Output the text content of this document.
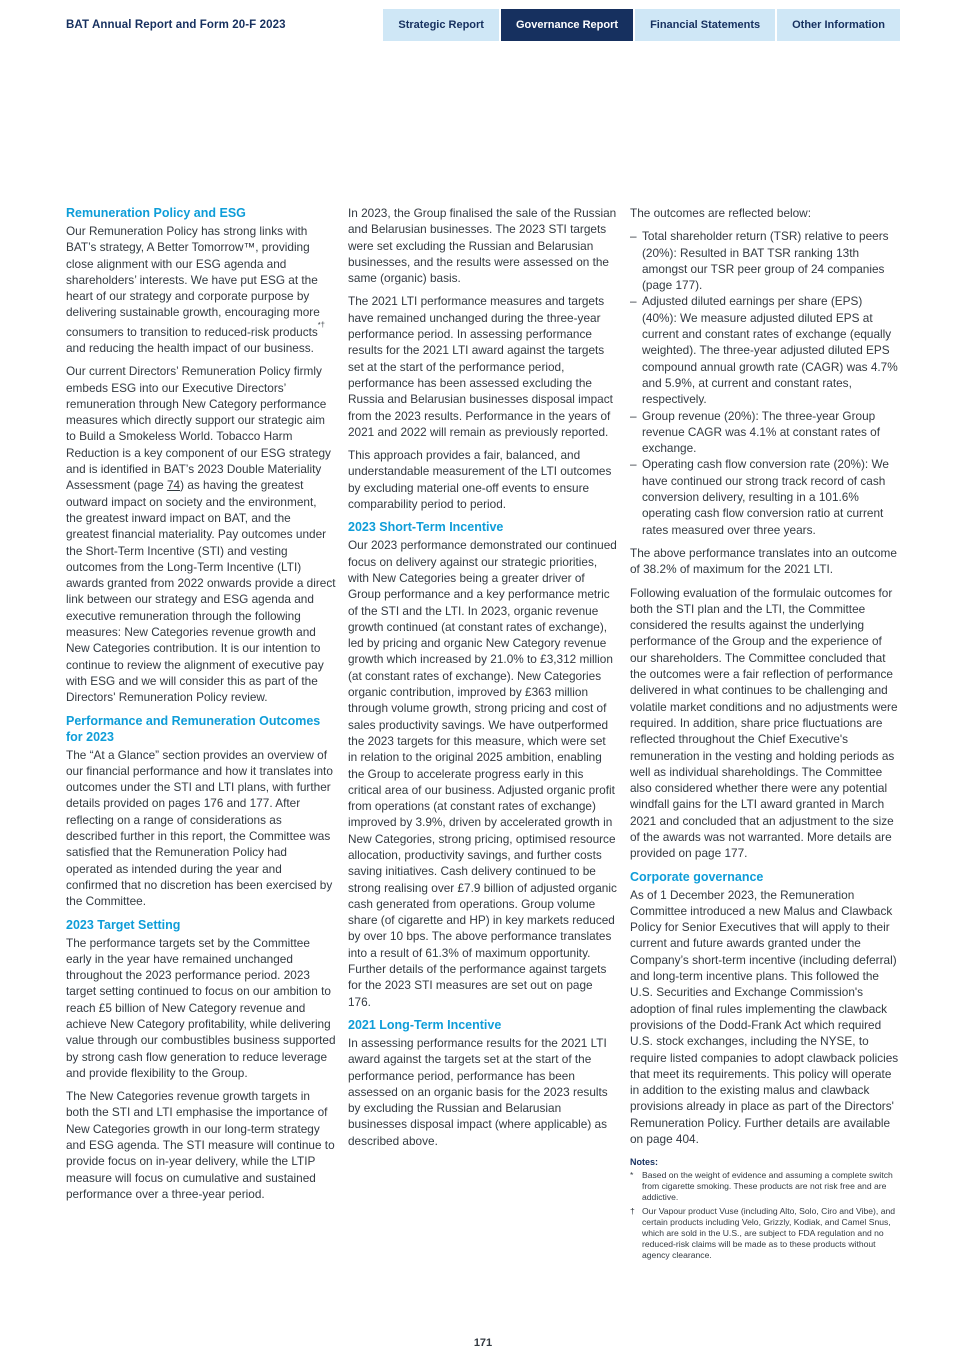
BAT Annual Report and Form 20-F 2023	Strategic Report	Governance Report	Financial Statements	Other Information
Remuneration Policy and ESG

Our Remuneration Policy has strong links with BAT’s strategy, A Better Tomorrow™, providing close alignment with our ESG agenda and shareholders’ interests. We have put ESG at the heart of our strategy and corporate purpose by delivering sustainable growth, encouraging more consumers to transition to reduced-risk products*† and reducing the health impact of our business.

Our current Directors’ Remuneration Policy firmly embeds ESG into our Executive Directors’ remuneration through New Category performance measures which directly support our strategic aim to Build a Smokeless World. Tobacco Harm Reduction is a key component of our ESG strategy and is identified in BAT’s 2023 Double Materiality Assessment (page 74) as having the greatest outward impact on society and the environment, the greatest inward impact on BAT, and the greatest financial materiality. Pay outcomes under the Short-Term Incentive (STI) and vesting outcomes from the Long-Term Incentive (LTI) awards granted from 2022 onwards provide a direct link between our strategy and ESG agenda and executive remuneration through the following measures: New Categories revenue growth and New Categories contribution. It is our intention to continue to review the alignment of executive pay with ESG and we will consider this as part of the Directors' Remuneration Policy review.

Performance and Remuneration Outcomes for 2023

The “At a Glance” section provides an overview of our financial performance and how it translates into outcomes under the STI and LTI plans, with further details provided on pages 176 and 177. After reflecting on a range of considerations as described further in this report, the Committee was satisfied that the Remuneration Policy had operated as intended during the year and confirmed that no discretion has been exercised by the Committee.

2023 Target Setting

The performance targets set by the Committee early in the year have remained unchanged throughout the 2023 performance period. 2023 target setting continued to focus on our ambition to reach £5 billion of New Category revenue and achieve New Category profitability, while delivering value through our combustibles business supported by strong cash flow generation to reduce leverage and provide flexibility to the Group.

The New Categories revenue growth targets in both the STI and LTI emphasise the importance of New Categories growth in our long-term strategy and ESG agenda. The STI measure will continue to provide focus on in-year delivery, while the LTIP measure will focus on cumulative and sustained performance over a three-year period.

In 2023, the Group finalised the sale of the Russian and Belarusian businesses. The 2023 STI targets were set excluding the Russian and Belarusian businesses, and the results were assessed on the same (organic) basis.

The 2021 LTI performance measures and targets have remained unchanged during the three-year performance period. In assessing performance results for the 2021 LTI award against the targets set at the start of the performance period, performance has been assessed excluding the Russia and Belarusian businesses disposal impact from the 2023 results. Performance in the years of 2021 and 2022 will remain as previously reported.

This approach provides a fair, balanced, and understandable measurement of the LTI outcomes by excluding material one-off events to ensure comparability period to period.

2023 Short-Term Incentive

Our 2023 performance demonstrated our continued focus on delivery against our strategic priorities, with New Categories being a greater driver of Group performance and a key performance metric of the STI and the LTI. In 2023, organic revenue growth continued (at constant rates of exchange), led by pricing and organic New Category revenue growth which increased by 21.0% to £3,312 million (at constant rates of exchange). New Categories organic contribution, improved by £363 million through volume growth, strong pricing and cost of sales productivity savings. We have outperformed the 2023 targets for this measure, which were set in relation to the original 2025 ambition, enabling the Group to accelerate progress early in this critical area of our business. Adjusted organic profit from operations (at constant rates of exchange) improved by 3.9%, driven by accelerated growth in New Categories, strong pricing, optimised resource allocation, productivity savings, and further costs saving initiatives. Cash delivery continued to be strong realising over £7.9 billion of adjusted organic cash generated from operations. Group volume share (of cigarette and HP) in key markets reduced by over 10 bps. The above performance translates into a result of 61.3% of maximum opportunity. Further details of the performance against targets for the 2023 STI measures are set out on page 176.

2021 Long-Term Incentive

In assessing performance results for the 2021 LTI award against the targets set at the start of the performance period, performance has been assessed on an organic basis for the 2023 results by excluding the Russian and Belarusian businesses disposal impact (where applicable) as described above.

The outcomes are reflected below:

– Total shareholder return (TSR) relative to peers (20%): Resulted in BAT TSR ranking 13th amongst our TSR peer group of 24 companies (page 177).
– Adjusted diluted earnings per share (EPS) (40%): We measure adjusted diluted EPS at current and constant rates of exchange (equally weighted). The three-year adjusted diluted EPS compound annual growth rate (CAGR) was 4.7% and 5.9%, at current and constant rates, respectively.
– Group revenue (20%): The three-year Group revenue CAGR was 4.1% at constant rates of exchange.
– Operating cash flow conversion rate (20%): We have continued our strong track record of cash conversion delivery, resulting in a 101.6% operating cash flow conversion ratio at current rates measured over three years.

The above performance translates into an outcome of 38.2% of maximum for the 2021 LTI.

Following evaluation of the formulaic outcomes for both the STI plan and the LTI, the Committee considered the results against the underlying performance of the Group and the experience of our shareholders. The Committee concluded that the outcomes were a fair reflection of performance delivered in what continues to be challenging and volatile market conditions and no adjustments were required. In addition, share price fluctuations are reflected throughout the Chief Executive's remuneration in the vesting and holding periods as well as individual shareholdings. The Committee also considered whether there were any potential windfall gains for the LTI award granted in March 2021 and concluded that an adjustment to the size of the awards was not warranted. More details are provided on page 177.

Corporate governance

As of 1 December 2023, the Remuneration Committee introduced a new Malus and Clawback Policy for Senior Executives that will apply to their current and future awards granted under the Company’s short-term incentive (including deferral) and long-term incentive plans. This followed the U.S. Securities and Exchange Commission's adoption of final rules implementing the clawback provisions of the Dodd-Frank Act which required U.S. stock exchanges, including the NYSE, to require listed companies to adopt clawback policies that meet its requirements. This policy will operate in addition to the existing malus and clawback provisions already in place as part of the Directors' Remuneration Policy. Further details are available on page 404.

Notes:
*	Based on the weight of evidence and assuming a complete switch from cigarette smoking. These products are not risk free and are addictive.
† Our Vapour product Vuse (including Alto, Solo, Ciro and Vibe), and certain products including Velo, Grizzly, Kodiak, and Camel Snus, which are sold in the U.S., are subject to FDA regulation and no reduced-risk claims will be made as to these products without agency clearance.
171
